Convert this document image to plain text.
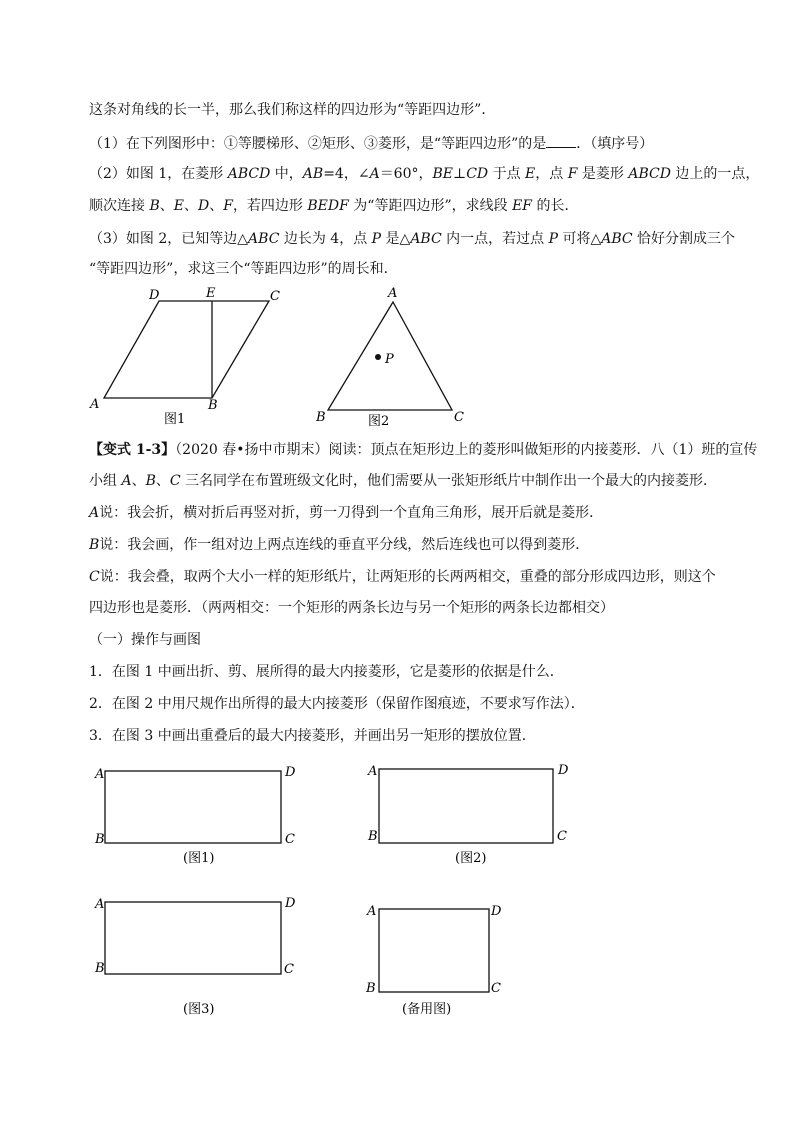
这条对角线的长一半，那么我们称这样的四边形为“等距四边形”．
（1）在下列图形中：①等腰梯形、②矩形、③菱形，是“等距四边形”的是 ．（填序号）
（2）如图 1，在菱形 ABCD 中，AB=4，∠A＝60°，BE⊥CD 于点 E，点 F 是菱形 ABCD 边上的一点，
顺次连接 B、E、D、F，若四边形 BEDF 为“等距四边形”，求线段 EF 的长．
（3）如图 2，已知等边△ABC 边长为 4，点 P 是△ABC 内一点，若过点 P 可将△ABC 恰好分割成三个
“等距四边形”，求这三个“等距四边形”的周长和．
D	E	C
A	B
图1
A
P
B	C
图2
A	D
B	C
(图1)
A	D
B	C
(图2)
A	D
B	C
(图3)
A	D
B	C
(备用图)
【变式 1-3】（2020 春•扬中市期末）阅读：顶点在矩形边上的菱形叫做矩形的内接菱形．八（1）班的宣传
小组 A、B、C 三名同学在布置班级文化时，他们需要从一张矩形纸片中制作出一个最大的内接菱形．
A说：我会折，横对折后再竖对折，剪一刀得到一个直角三角形，展开后就是菱形．
B说：我会画，作一组对边上两点连线的垂直平分线，然后连线也可以得到菱形．
C说：我会叠，取两个大小一样的矩形纸片，让两矩形的长两两相交，重叠的部分形成四边形，则这个
四边形也是菱形．（两两相交：一个矩形的两条长边与另一个矩形的两条长边都相交）
（一）操作与画图
1．在图 1 中画出折、剪、展所得的最大内接菱形，它是菱形的依据是什么．
2．在图 2 中用尺规作出所得的最大内接菱形（保留作图痕迹，不要求写作法）．
3．在图 3 中画出重叠后的最大内接菱形，并画出另一矩形的摆放位置．
